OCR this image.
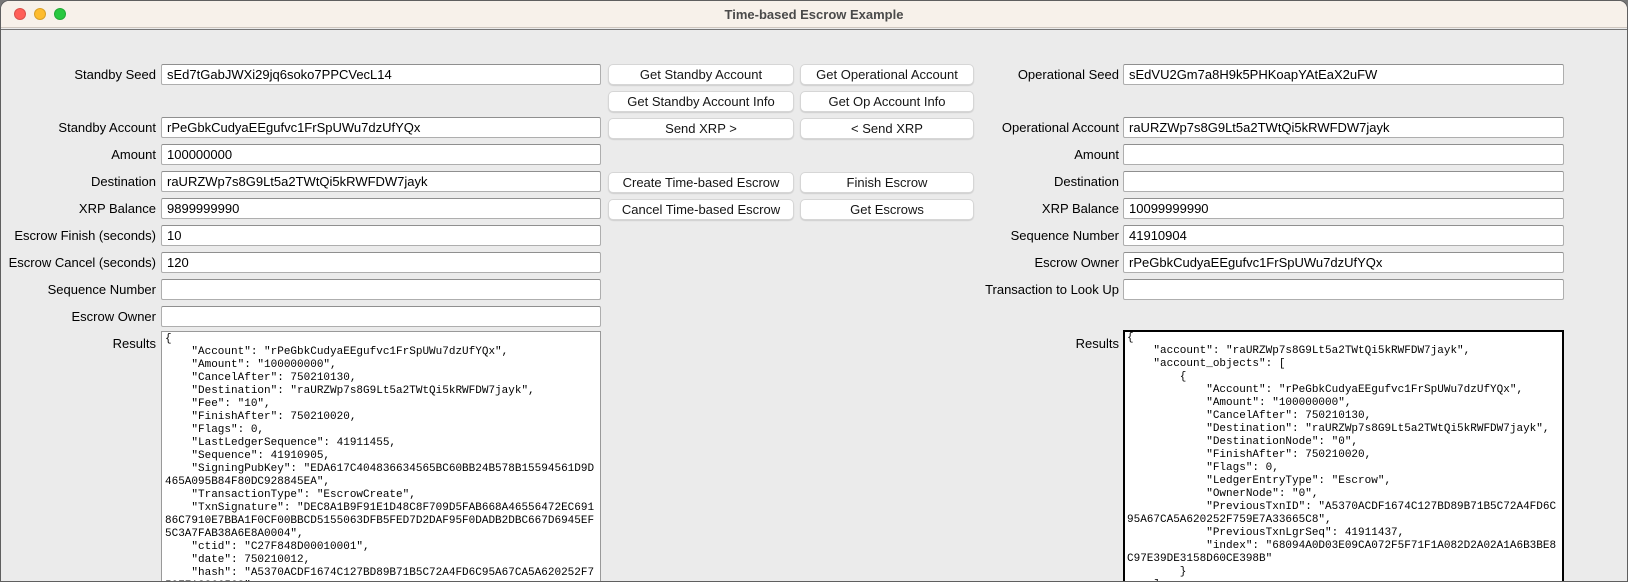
Time-based Escrow Example
Standby Seed
sEd7tGabJWXi29jq6soko7PPCVecL14
Standby Account
rPeGbkCudyaEEgufvc1FrSpUWu7dzUfYQx
Amount
100000000
Destination
raURZWp7s8G9Lt5a2TWtQi5kRWFDW7jayk
XRP Balance
9899999990
Escrow Finish (seconds)
10
Escrow Cancel (seconds)
120
Sequence Number
Escrow Owner
Results
{ "Account": "rPeGbkCudyaEEgufvc1FrSpUWu7dzUfYQx", "Amount": "100000000", "CancelAfter": 750210130, "Destination": "raURZWp7s8G9Lt5a2TWtQi5kRWFDW7jayk", "Fee": "10", "FinishAfter": 750210020, "Flags": 0, "LastLedgerSequence": 41911455, "Sequence": 41910905, "SigningPubKey": "EDA617C404836634565BC60BB24B578B15594561D9D 465A095B84F80DC928845EA", "TransactionType": "EscrowCreate", "TxnSignature": "DEC8A1B9F91E1D48C8F709D5FAB668A46556472EC691 86C7910E7BBA1F0CF00BBCD5155063DFB5FED7D2DAF95F0DADB2DBC667D6945EF 5C3A7FAB38A6E8A0004", "ctid": "C27F848D00010001", "date": 750210012, "hash": "A5370ACDF1674C127BD89B71B5C72A4FD6C95A67CA5A620252F7 59E7A33665C8",
Get Standby Account
Get Standby Account Info
Send XRP >
Create Time-based Escrow
Cancel Time-based Escrow
Get Operational Account
Get Op Account Info
< Send XRP
Finish Escrow
Get Escrows
Operational Seed
sEdVU2Gm7a8H9k5PHKoapYAtEaX2uFW
Operational Account
raURZWp7s8G9Lt5a2TWtQi5kRWFDW7jayk
Amount
Destination
XRP Balance
10099999990
Sequence Number
41910904
Escrow Owner
rPeGbkCudyaEEgufvc1FrSpUWu7dzUfYQx
Transaction to Look Up
Results
{ "account": "raURZWp7s8G9Lt5a2TWtQi5kRWFDW7jayk", "account_objects": [ { "Account": "rPeGbkCudyaEEgufvc1FrSpUWu7dzUfYQx", "Amount": "100000000", "CancelAfter": 750210130, "Destination": "raURZWp7s8G9Lt5a2TWtQi5kRWFDW7jayk", "DestinationNode": "0", "FinishAfter": 750210020, "Flags": 0, "LedgerEntryType": "Escrow", "OwnerNode": "0", "PreviousTxnID": "A5370ACDF1674C127BD89B71B5C72A4FD6C 95A67CA5A620252F759E7A33665C8", "PreviousTxnLgrSeq": 41911437, "index": "68094A0D03E09CA072F5F71F1A082D2A02A1A6B3BE8 C97E39DE3158D60CE398B" } ],
